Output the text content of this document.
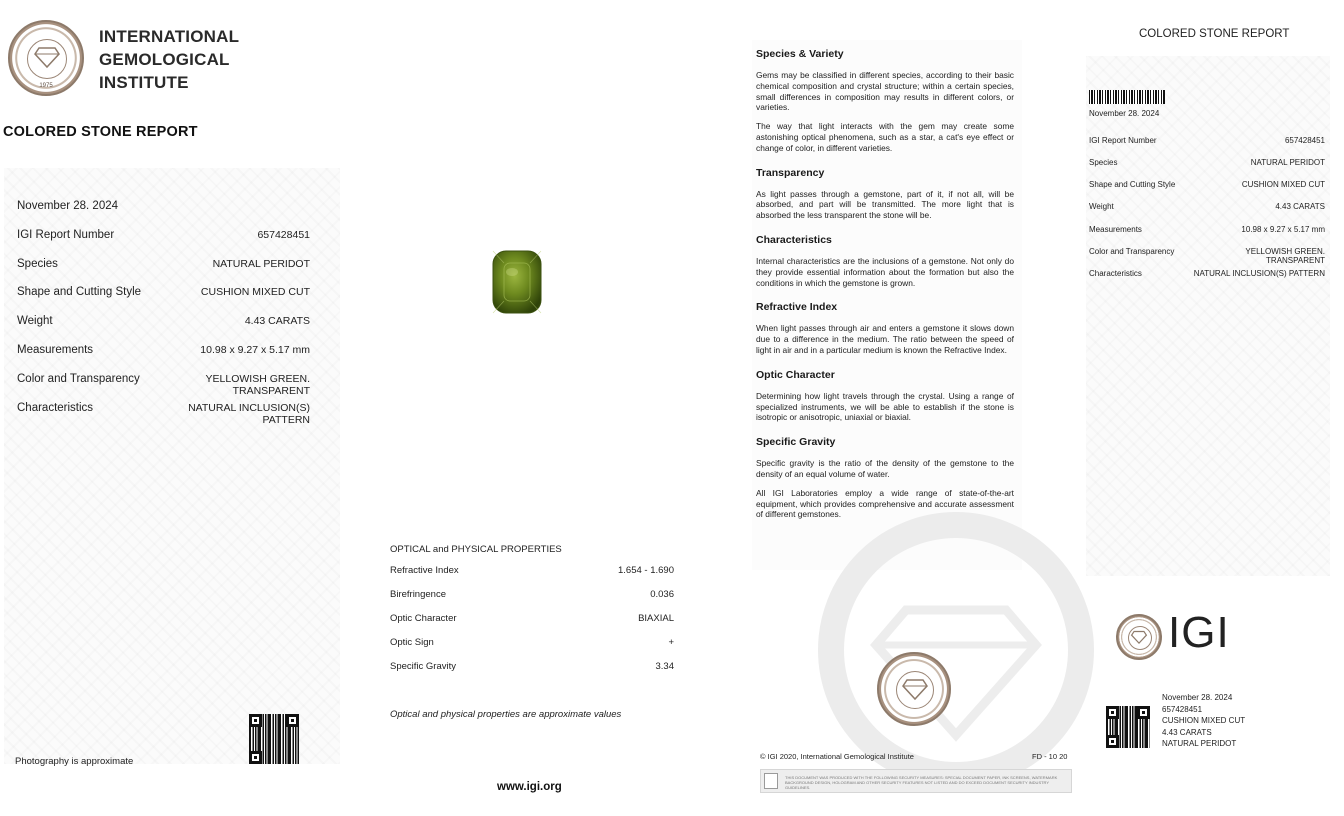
1975
INTERNATIONAL
GEMOLOGICAL
INSTITUTE
COLORED STONE REPORT
November 28. 2024
IGI Report Number	657428451
Species	NATURAL PERIDOT
Shape and Cutting Style	CUSHION MIXED CUT
Weight	4.43 CARATS
Measurements	10.98 x 9.27 x 5.17 mm
Color and Transparency	YELLOWISH GREEN.
TRANSPARENT
Characteristics	NATURAL INCLUSION(S)
PATTERN
Photography is approximate
OPTICAL and PHYSICAL PROPERTIES
Refractive Index	1.654 - 1.690
Birefringence	0.036
Optic Character	BIAXIAL
Optic Sign	+
Specific Gravity	3.34
Optical and physical properties are approximate values
www.igi.org
Species & Variety

Gems may be classified in different species, according to their basic chemical composition and crystal structure; within a certain species, small differences in composition may results in different colors, or varieties.

The way that light interacts with the gem may create some astonishing optical phenomena, such as a star, a cat's eye effect or change of color, in different varieties.

Transparency

As light passes through a gemstone, part of it, if not all, will be absorbed, and part will be transmitted. The more light that is absorbed the less transparent the stone will be.

Characteristics

Internal characteristics are the inclusions of a gemstone. Not only do they provide essential information about the formation but also the conditions in which the gemstone is grown.

Refractive Index

When light passes through air and enters a gemstone it slows down due to a difference in the medium. The ratio between the speed of light in air and in a particular medium is known the Refractive Index.

Optic Character

Determining how light travels through the crystal. Using a range of specialized instruments, we will be able to establish if the stone is isotropic or anisotropic, uniaxial or biaxial.

Specific Gravity

Specific gravity is the ratio of the density of the gemstone to the density of an equal volume of water.

All IGI Laboratories employ a wide range of state-of-the-art equipment, which provides comprehensive and accurate assessment of different gemstones.

© IGI 2020, International Gemological Institute	FD - 10 20
THIS DOCUMENT WAS PRODUCED WITH THE FOLLOWING SECURITY MEASURES: SPECIAL DOCUMENT PAPER, INK SCREENS, WATERMARK BACKGROUND DESIGN, HOLOGRAM AND OTHER SECURITY FEATURES NOT LISTED AND DO EXCEED DOCUMENT SECURITY INDUSTRY GUIDELINES.
COLORED STONE REPORT
November 28. 2024
IGI Report Number	657428451
Species	NATURAL PERIDOT
Shape and Cutting Style	CUSHION MIXED CUT
Weight	4.43 CARATS
Measurements	10.98 x 9.27 x 5.17 mm
Color and Transparency	YELLOWISH GREEN.
TRANSPARENT
Characteristics	NATURAL INCLUSION(S) PATTERN
IGI
November 28. 2024
657428451
CUSHION MIXED CUT
4.43 CARATS
NATURAL PERIDOT
